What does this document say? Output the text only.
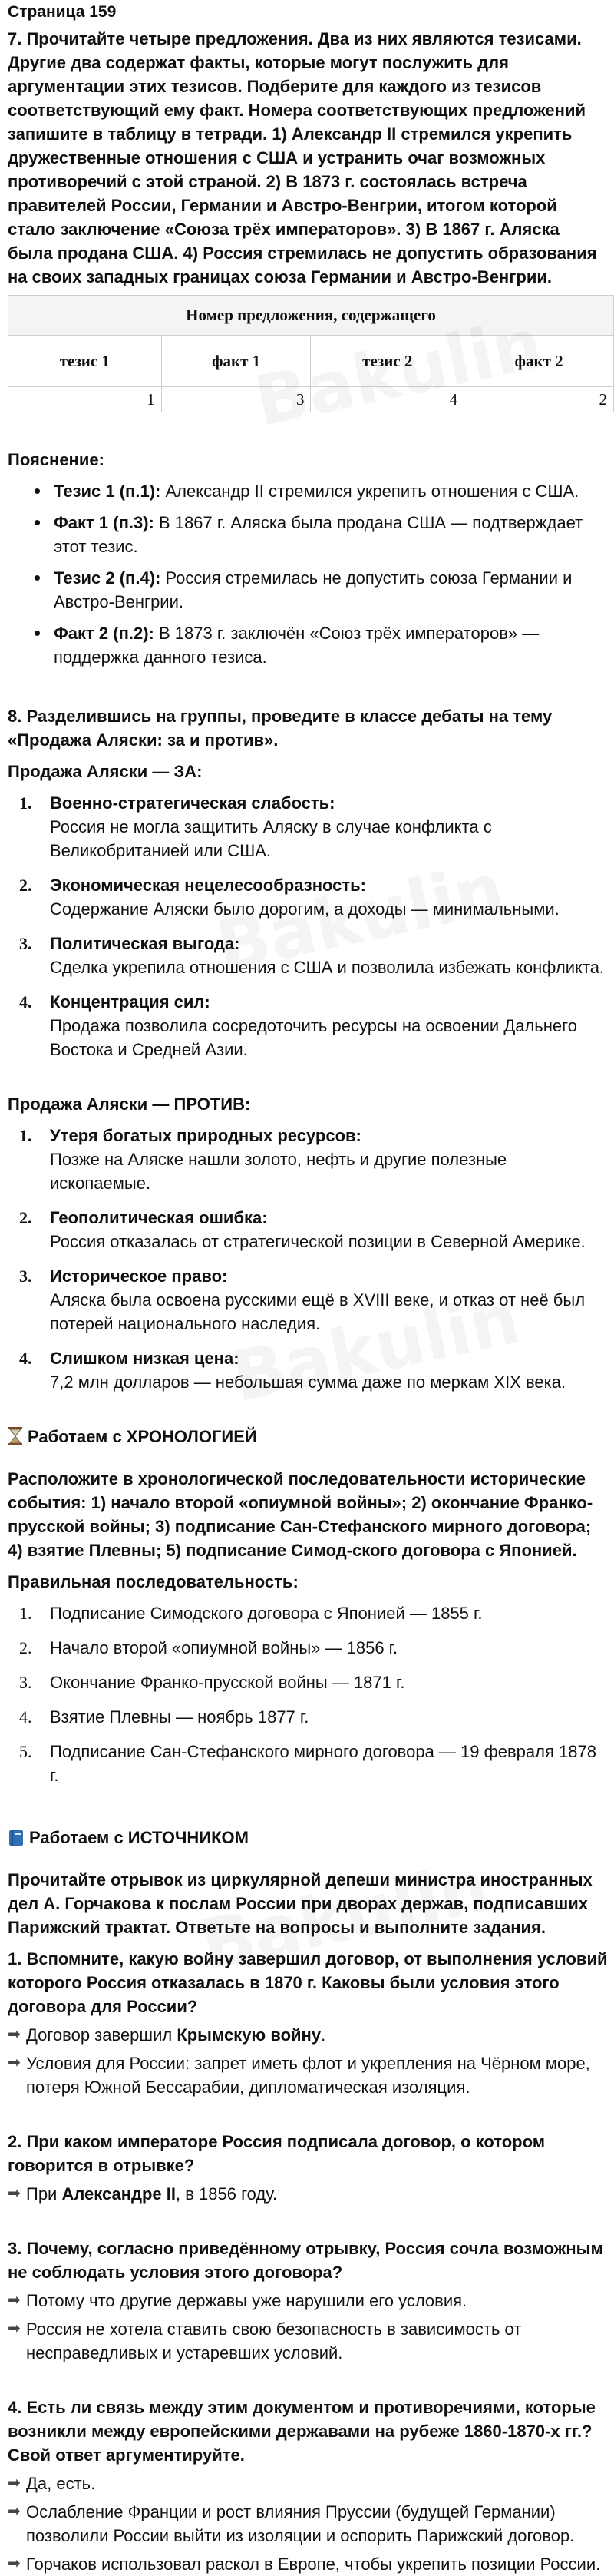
Страница 159

7. Прочитайте четыре предложения. Два из них являются тезисами. Другие два содержат факты, которые могут послужить для аргументации этих тезисов. Подберите для каждого из тезисов соответствующий ему факт. Номера соответствующих предложений запишите в таблицу в тетради. 1) Александр II стремился укрепить дружественные отношения с США и устранить очаг возможных противоречий с этой страной. 2) В 1873 г. состоялась встреча правителей России, Германии и Австро-Венгрии, итогом которой стало заключение «Союза трёх императоров». 3) В 1867 г. Аляска была продана США. 4) Россия стремилась не допустить образования на своих западных границах союза Германии и Австро-Венгрии.

Номер предложения, содержащего			
тезис 1	факт 1	тезис 2	факт 2
1	3	4	2

Пояснение:

• Тезис 1 (п.1): Александр II стремился укрепить отношения с США.
• Факт 1 (п.3): В 1867 г. Аляска была продана США — подтверждает этот тезис.
• Тезис 2 (п.4): Россия стремилась не допустить союза Германии и Австро-Венгрии.
• Факт 2 (п.2): В 1873 г. заключён «Союз трёх императоров» — поддержка данного тезиса.

8. Разделившись на группы, проведите в классе дебаты на тему «Продажа Аляски: за и против».

Продажа Аляски — ЗА:

1. Военно-стратегическая слабость:
Россия не могла защитить Аляску в случае конфликта с Великобританией или США.
2. Экономическая нецелесообразность:
Содержание Аляски было дорогим, а доходы — минимальными.
3. Политическая выгода:
Сделка укрепила отношения с США и позволила избежать конфликта.
4. Концентрация сил:
Продажа позволила сосредоточить ресурсы на освоении Дальнего Востока и Средней Азии.

Продажа Аляски — ПРОТИВ:

1. Утеря богатых природных ресурсов:
Позже на Аляске нашли золото, нефть и другие полезные ископаемые.
2. Геополитическая ошибка:
Россия отказалась от стратегической позиции в Северной Америке.
3. Историческое право:
Аляска была освоена русскими ещё в XVIII веке, и отказ от неё был потерей национального наследия.
4. Слишком низкая цена:
7,2 млн долларов — небольшая сумма даже по меркам XIX века.

Работаем с ХРОНОЛОГИЕЙ

Расположите в хронологической последовательности исторические события: 1) начало второй «опиумной войны»; 2) окончание Франко-прусской войны; 3) подписание Сан-Стефанского мирного договора; 4) взятие Плевны; 5) подписание Симод-ского договора с Японией.

Правильная последовательность:

1. Подписание Симодского договора с Японией — 1855 г.
2. Начало второй «опиумной войны» — 1856 г.
3. Окончание Франко-прусской войны — 1871 г.
4. Взятие Плевны — ноябрь 1877 г.
5. Подписание Сан-Стефанского мирного договора — 19 февраля 1878 г.

Работаем с ИСТОЧНИКОМ

Прочитайте отрывок из циркулярной депеши министра иностранных дел А. Горчакова к послам России при дворах держав, подписавших Парижский трактат. Ответьте на вопросы и выполните задания.

1. Вспомните, какую войну завершил договор, от выполнения условий которого Россия отказалась в 1870 г. Каковы были условия этого договора для России?

➡ Договор завершил Крымскую войну.
➡ Условия для России: запрет иметь флот и укрепления на Чёрном море, потеря Южной Бессарабии, дипломатическая изоляция.

2. При каком императоре Россия подписала договор, о котором говорится в отрывке?

➡ При Александре II, в 1856 году.

3. Почему, согласно приведённому отрывку, Россия сочла возможным не соблюдать условия этого договора?

➡ Потому что другие державы уже нарушили его условия.
➡ Россия не хотела ставить свою безопасность в зависимость от несправедливых и устаревших условий.

4. Есть ли связь между этим документом и противоречиями, которые возникли между европейскими державами на рубеже 1860-1870-х гг.? Свой ответ аргументируйте.

➡ Да, есть.
➡ Ослабление Франции и рост влияния Пруссии (будущей Германии) позволили России выйти из изоляции и оспорить Парижский договор.
➡ Горчаков использовал раскол в Европе, чтобы укрепить позиции России.
